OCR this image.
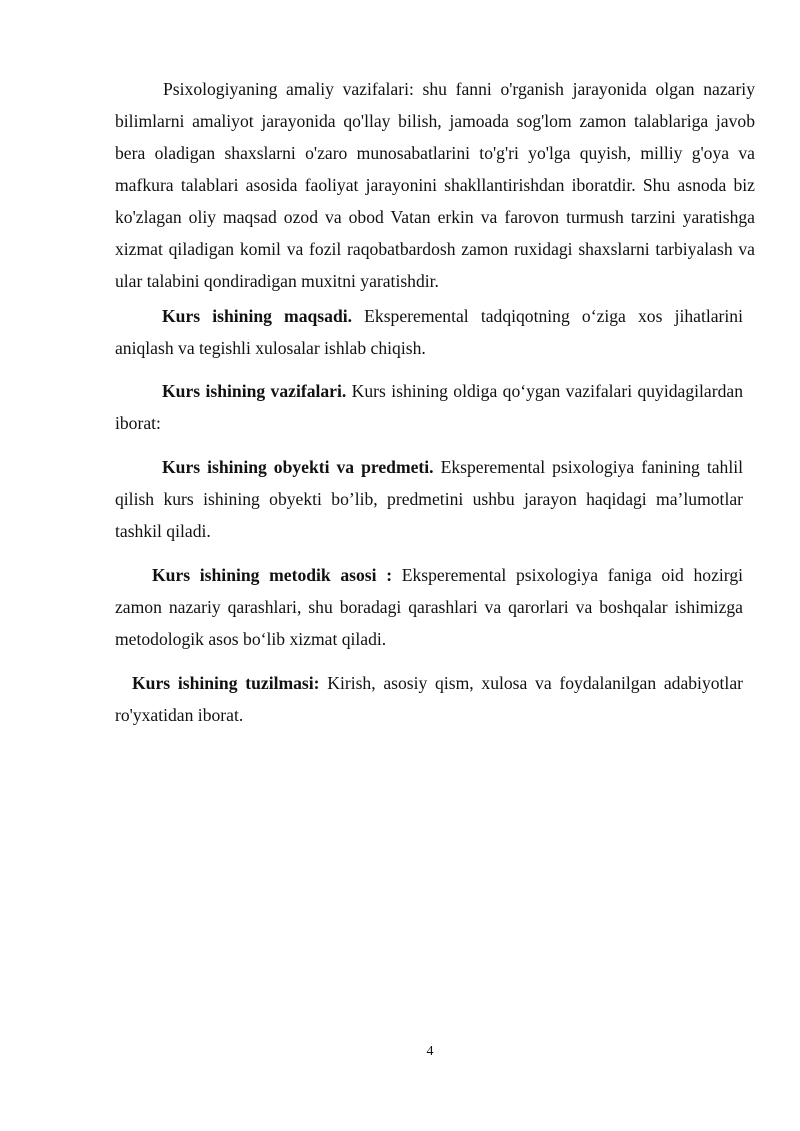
Psixologiyaning amaliy vazifalari: shu fanni o'rganish jarayonida olgan nazariy bilimlarni amaliyot jarayonida qo'llay bilish, jamoada sog'lom zamon talablariga javob bera oladigan shaxslarni o'zaro munosabatlarini to'g'ri yo'lga quyish, milliy g'oya va mafkura talablari asosida faoliyat jarayonini shakllantirishdan iboratdir. Shu asnoda biz ko'zlagan oliy maqsad ozod va obod Vatan erkin va farovon turmush tarzini yaratishga xizmat qiladigan komil va fozil raqobatbardosh zamon ruxidagi shaxslarni tarbiyalash va ular talabini qondiradigan muxitni yaratishdir.

Kurs ishining maqsadi. Eksperemental tadqiqotning o‘ziga xos jihatlarini aniqlash va tegishli xulosalar ishlab chiqish.

Kurs ishining vazifalari. Kurs ishining oldiga qo‘ygan vazifalari quyidagilardan iborat:

Kurs ishining obyekti va predmeti. Eksperemental psixologiya fanining tahlil qilish kurs ishining obyekti bo’lib, predmetini ushbu jarayon haqidagi ma’lumotlar tashkil qiladi.

Kurs ishining metodik asosi : Eksperemental psixologiya faniga oid hozirgi zamon nazariy qarashlari, shu boradagi qarashlari va qarorlari va boshqalar ishimizga metodologik asos bo‘lib xizmat qiladi.

Kurs ishining tuzilmasi: Kirish, asosiy qism, xulosa va foydalanilgan adabiyotlar ro'yxatidan iborat.

4
